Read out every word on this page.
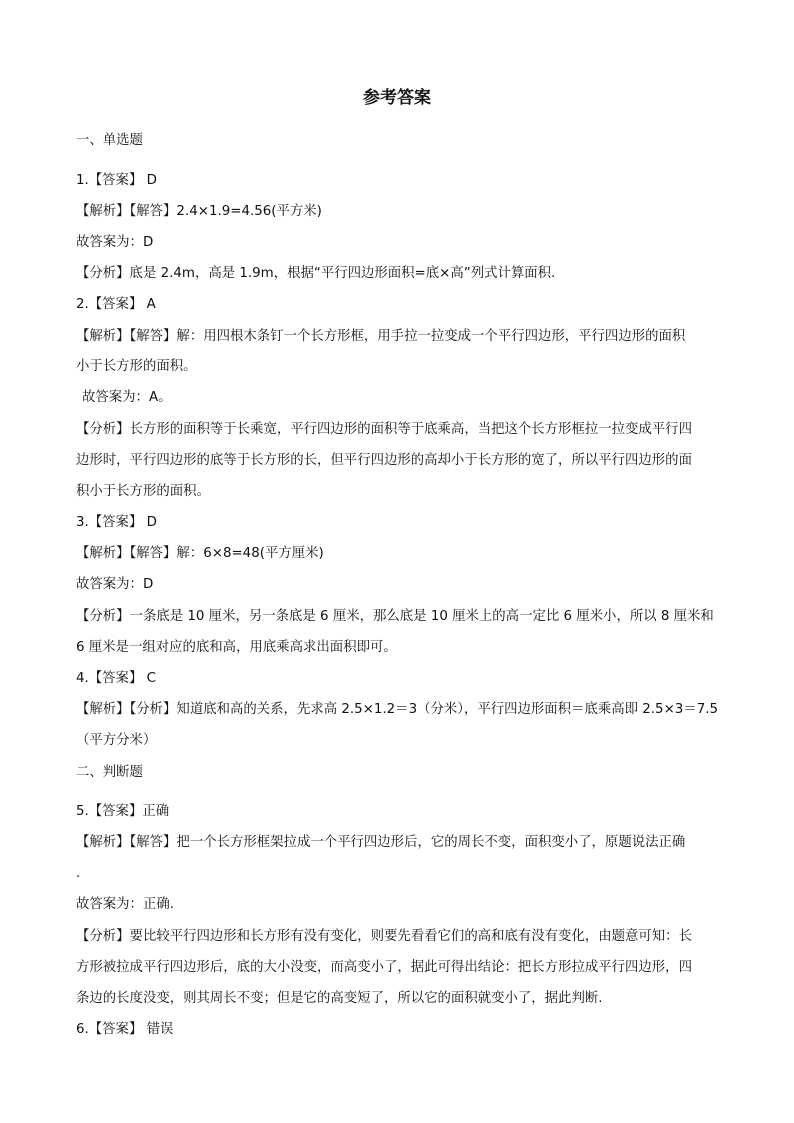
参考答案
一、单选题
1.【答案】 D
【解析】【解答】2.4×1.9=4.56(平方米)
故答案为：D
【分析】底是 2.4m，高是 1.9m，根据“平行四边形面积=底×高”列式计算面积.
2.【答案】 A
【解析】【解答】解：用四根木条钉一个长方形框，用手拉一拉变成一个平行四边形，平行四边形的面积
小于长方形的面积。
故答案为：A。
【分析】长方形的面积等于长乘宽，平行四边形的面积等于底乘高，当把这个长方形框拉一拉变成平行四
边形时，平行四边形的底等于长方形的长，但平行四边形的高却小于长方形的宽了，所以平行四边形的面
积小于长方形的面积。
3.【答案】 D
【解析】【解答】解：6×8=48(平方厘米)
故答案为：D
【分析】一条底是 10 厘米，另一条底是 6 厘米，那么底是 10 厘米上的高一定比 6 厘米小，所以 8 厘米和
6 厘米是一组对应的底和高，用底乘高求出面积即可。
4.【答案】 C
【解析】【分析】知道底和高的关系，先求高 2.5×1.2＝3（分米），平行四边形面积＝底乘高即 2.5×3＝7.5
（平方分米）
二、判断题
5.【答案】正确
【解析】【解答】把一个长方形框架拉成一个平行四边形后，它的周长不变，面积变小了，原题说法正确
.
故答案为：正确.
【分析】要比较平行四边形和长方形有没有变化，则要先看看它们的高和底有没有变化，由题意可知：长
方形被拉成平行四边形后，底的大小没变，而高变小了，据此可得出结论：把长方形拉成平行四边形，四
条边的长度没变，则其周长不变；但是它的高变短了，所以它的面积就变小了，据此判断.
6.【答案】 错误
